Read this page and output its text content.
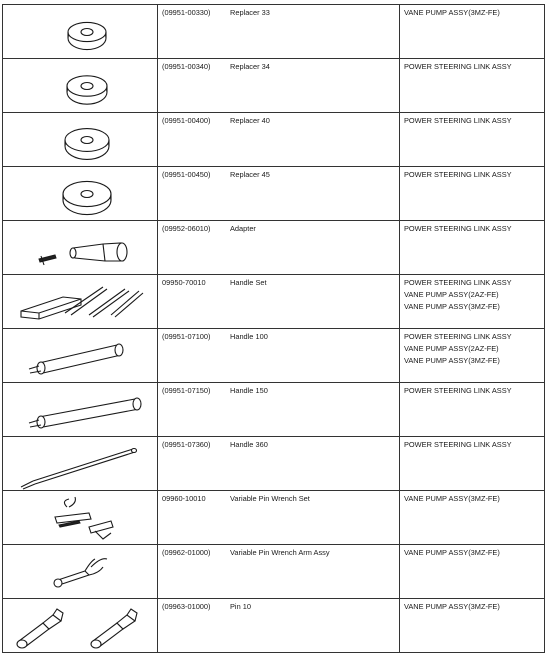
(09951-00330) Replacer 33	VANE PUMP ASSY(3MZ-FE)

(09951-00340) Replacer 34	POWER STEERING LINK ASSY

(09951-00400) Replacer 40	POWER STEERING LINK ASSY

(09951-00450) Replacer 45	POWER STEERING LINK ASSY

(09952-06010) Adapter	POWER STEERING LINK ASSY

09950-70010 Handle Set	POWER STEERING LINK ASSY
VANE PUMP ASSY(2AZ-FE)
VANE PUMP ASSY(3MZ-FE)

(09951-07100) Handle 100	POWER STEERING LINK ASSY
VANE PUMP ASSY(2AZ-FE)
VANE PUMP ASSY(3MZ-FE)

(09951-07150) Handle 150	POWER STEERING LINK ASSY

(09951-07360) Handle 360	POWER STEERING LINK ASSY

09960-10010 Variable Pin Wrench Set	VANE PUMP ASSY(3MZ-FE)

(09962-01000) Variable Pin Wrench Arm Assy	VANE PUMP ASSY(3MZ-FE)

(09963-01000) Pin 10	VANE PUMP ASSY(3MZ-FE)
